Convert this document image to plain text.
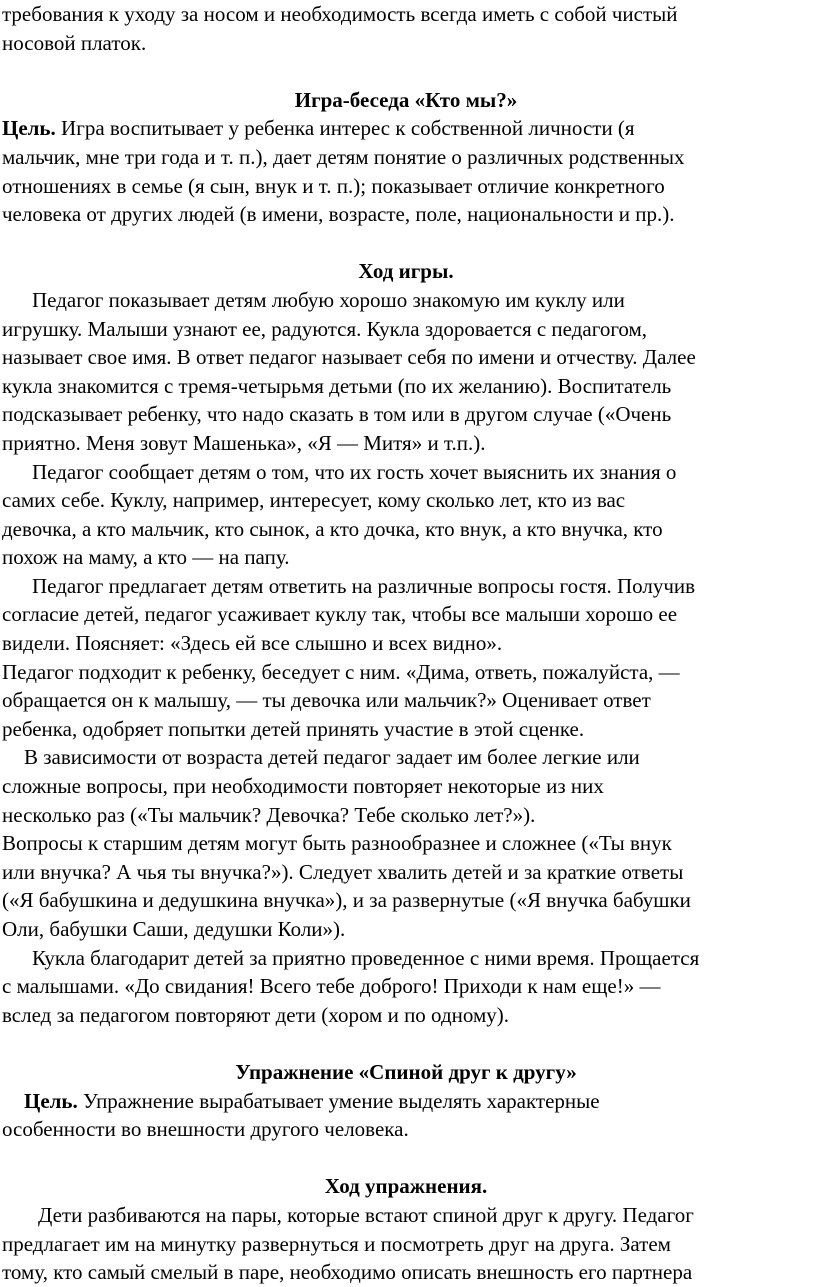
требования к уходу за носом и необходимость всегда иметь с собой чистый
носовой платок.
Игра-беседа «Кто мы?»
Цель. Игра воспитывает у ребенка интерес к собственной личности (я
мальчик, мне три года и т. п.), дает детям понятие о различных родственных
отношениях в семье (я сын, внук и т. п.); показывает отличие конкретного
человека от других людей (в имени, возрасте, поле, национальности и пр.).
Ход игры.
Педагог показывает детям любую хорошо знакомую им куклу или
игрушку. Малыши узнают ее, радуются. Кукла здоровается с педагогом,
называет свое имя. В ответ педагог называет себя по имени и отчеству. Далее
кукла знакомится с тремя-четырьмя детьми (по их желанию). Воспитатель
подсказывает ребенку, что надо сказать в том или в другом случае («Очень
приятно. Меня зовут Машенька», «Я — Митя» и т.п.).
Педагог сообщает детям о том, что их гость хочет выяснить их знания о
самих себе. Куклу, например, интересует, кому сколько лет, кто из вас
девочка, а кто мальчик, кто сынок, а кто дочка, кто внук, а кто внучка, кто
похож на маму, а кто — на папу.
Педагог предлагает детям ответить на различные вопросы гостя. Получив
согласие детей, педагог усаживает куклу так, чтобы все малыши хорошо ее
видели. Поясняет: «Здесь ей все слышно и всех видно».
Педагог подходит к ребенку, беседует с ним. «Дима, ответь, пожалуйста, —
обращается он к малышу, — ты девочка или мальчик?» Оценивает ответ
ребенка, одобряет попытки детей принять участие в этой сценке.
В зависимости от возраста детей педагог задает им более легкие или
сложные вопросы, при необходимости повторяет некоторые из них
несколько раз («Ты мальчик? Девочка? Тебе сколько лет?»).
Вопросы к старшим детям могут быть разнообразнее и сложнее («Ты внук
или внучка? А чья ты внучка?»). Следует хвалить детей и за краткие ответы
(«Я бабушкина и дедушкина внучка»), и за развернутые («Я внучка бабушки
Оли, бабушки Саши, дедушки Коли»).
Кукла благодарит детей за приятно проведенное с ними время. Прощается
с малышами. «До свидания! Всего тебе доброго! Приходи к нам еще!» —
вслед за педагогом повторяют дети (хором и по одному).
Упражнение «Спиной друг к другу»
Цель. Упражнение вырабатывает умение выделять характерные
особенности во внешности другого человека.
Ход упражнения.
Дети разбиваются на пары, которые встают спиной друг к другу. Педагог
предлагает им на минутку развернуться и посмотреть друг на друга. Затем
тому, кто самый смелый в паре, необходимо описать внешность его партнера
